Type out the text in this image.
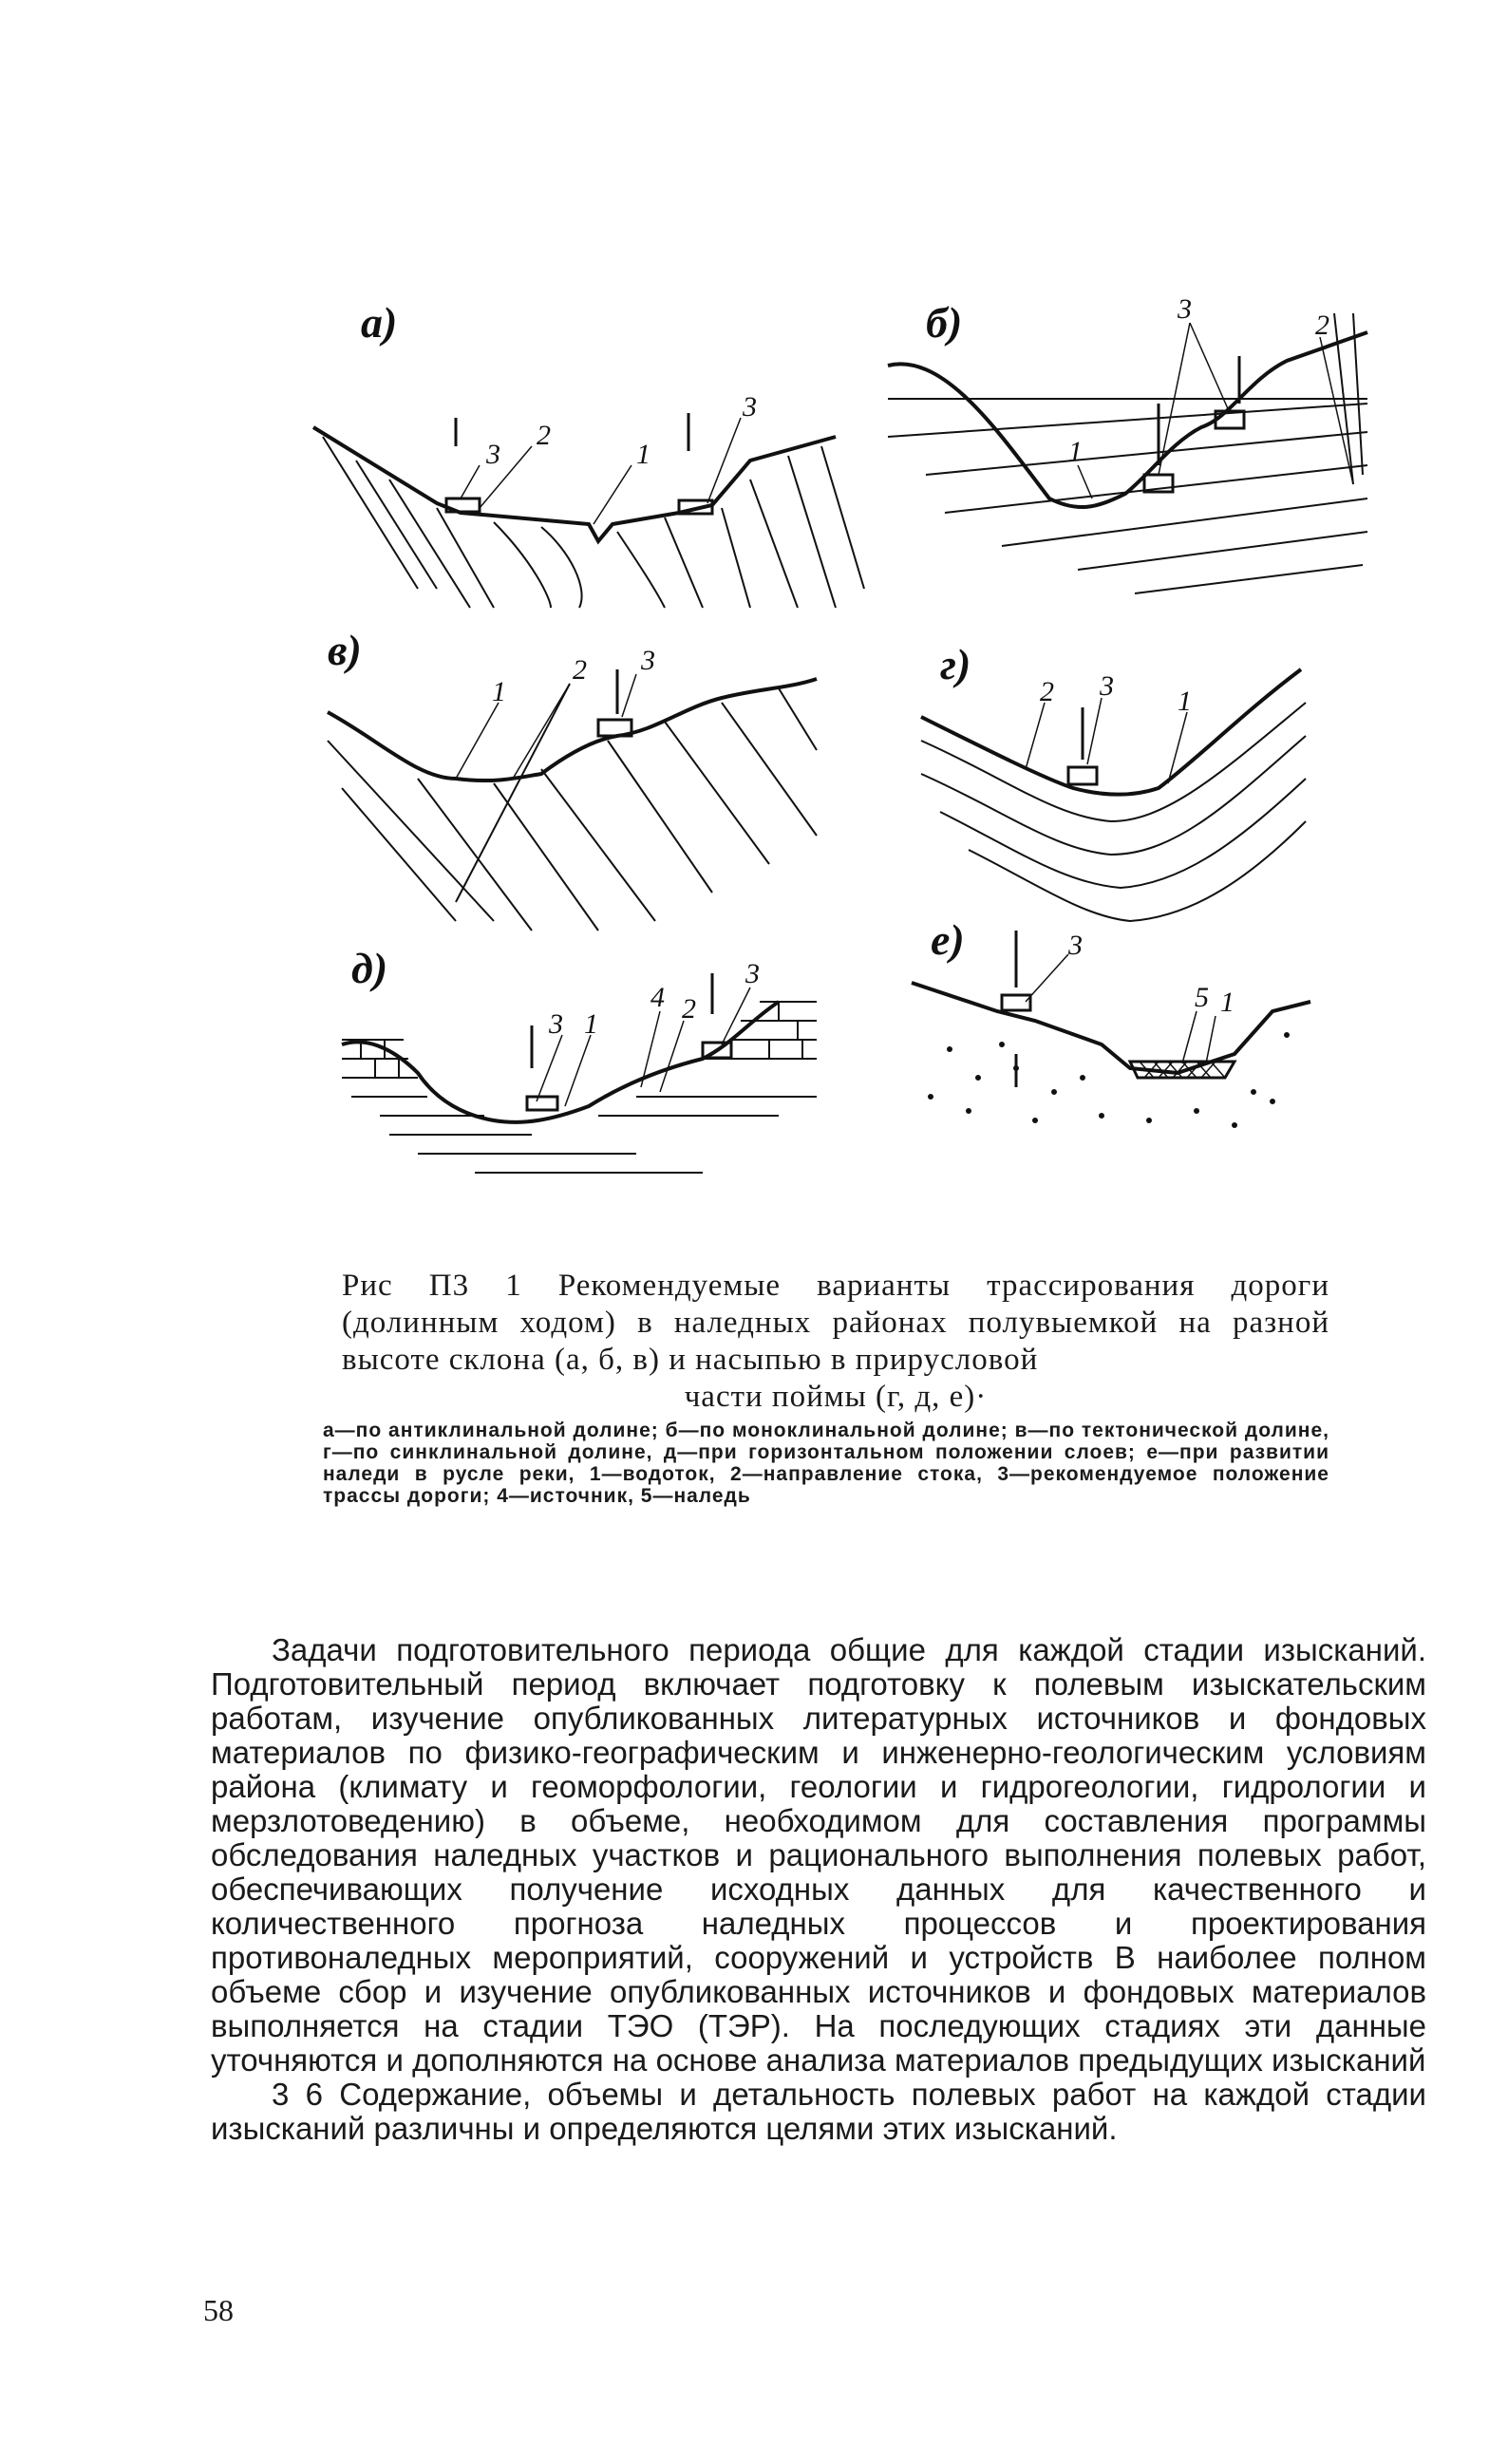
а)
3
2
1
3
б)	3
2
1
в)
1
2 3	г)
2 3 1
д)
3 1
4 2
3
е)	3
5 1
Рис П3 1 Рекомендуемые варианты трассирования дороги (долинным ходом) в наледных районах полувыемкой на разной высоте склона (а, б, в) и насыпью в прирусловой
части поймы (г, д, е)·
а—по антиклинальной долине; б—по моноклинальной долине; в—по тектонической долине, г—по синклинальной долине, д—при горизонтальном положении слоев; е—при развитии наледи в русле реки, 1—водоток, 2—направление стока, 3—рекомендуемое положение трассы дороги; 4—источник, 5—наледь

Задачи подготовительного периода общие для каждой стадии изысканий. Подготовительный период включает подготовку к полевым изыскательским работам, изучение опубликованных литературных источников и фондовых материалов по физико-географическим и инженерно-геологическим условиям района (климату и геоморфологии, геологии и гидрогеологии, гидрологии и мерзлотоведению) в объеме, необходимом для составления программы обследования наледных участков и рационального выполнения полевых работ, обеспечивающих получение исходных данных для качественного и количественного прогноза наледных процессов и проектирования противоналедных мероприятий, сооружений и устройств В наиболее полном объеме сбор и изучение опубликованных источников и фондовых материалов выполняется на стадии ТЭО (ТЭР). На последующих стадиях эти данные уточняются и дополняются на основе анализа материалов предыдущих изысканий

3 6 Содержание, объемы и детальность полевых работ на каждой стадии изысканий различны и определяются целями этих изысканий.

58
